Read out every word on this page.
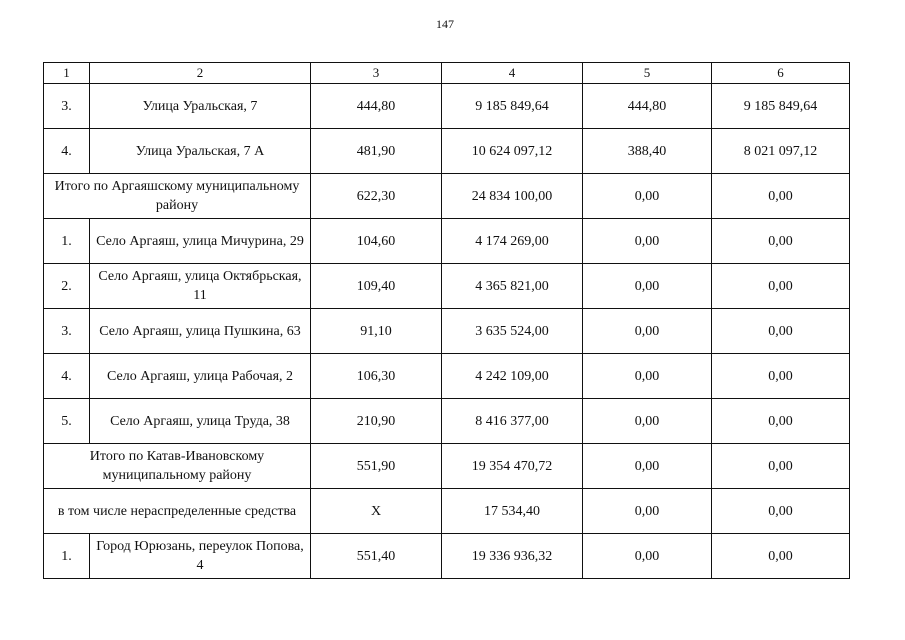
147
1	2	3	4	5	6
3.	Улица Уральская, 7	444,80	9 185 849,64	444,80	9 185 849,64
4.	Улица Уральская, 7 А	481,90	10 624 097,12	388,40	8 021 097,12
Итого по Аргаяшскому муниципальному району		622,30	24 834 100,00	0,00	0,00
1.	Село Аргаяш, улица Мичурина, 29	104,60	4 174 269,00	0,00	0,00
2.	Село Аргаяш, улица Октябрьская, 11	109,40	4 365 821,00	0,00	0,00
3.	Село Аргаяш, улица Пушкина, 63	91,10	3 635 524,00	0,00	0,00
4.	Село Аргаяш, улица Рабочая, 2	106,30	4 242 109,00	0,00	0,00
5.	Село Аргаяш, улица Труда, 38	210,90	8 416 377,00	0,00	0,00
Итого по Катав-Ивановскому муниципальному району		551,90	19 354 470,72	0,00	0,00
в том числе нераспределенные средства		Х	17 534,40	0,00	0,00
1.	Город Юрюзань, переулок Попова, 4	551,40	19 336 936,32	0,00	0,00
